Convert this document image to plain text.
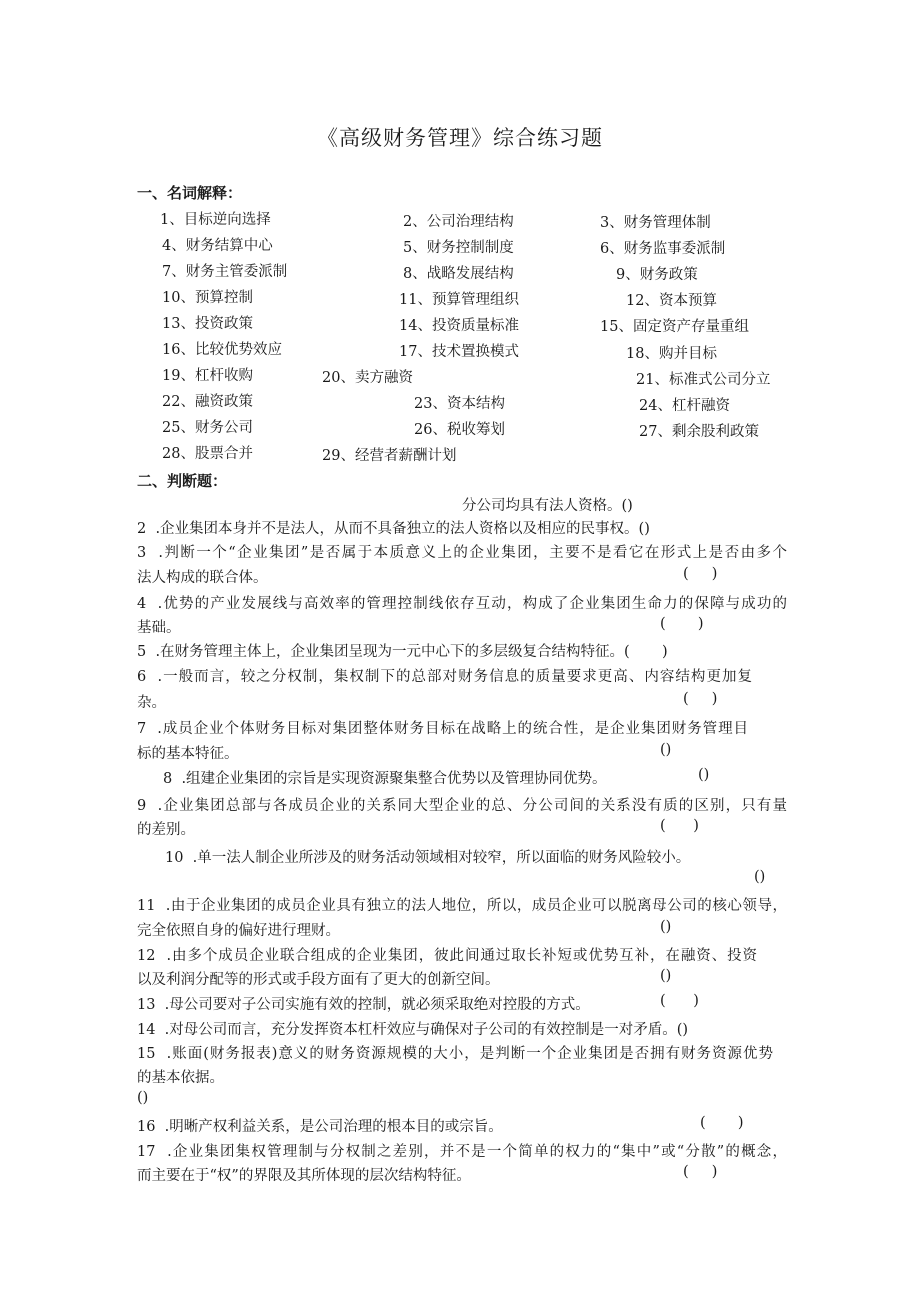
《高级财务管理》综合练习题
一、名词解释：
1、目标逆向选择	2、公司治理结构	3、财务管理体制
4、财务结算中心	5、财务控制制度	6、财务监事委派制
7、财务主管委派制	8、战略发展结构	9、财务政策
10、预算控制	11、预算管理组织	12、资本预算
13、投资政策	14、投资质量标准	15、固定资产存量重组
16、比较优势效应	17、技术置换模式	18、购并目标
19、杠杆收购	20、卖方融资	21、标准式公司分立
22、融资政策	23、资本结构	24、杠杆融资
25、财务公司	26、税收筹划	27、剩余股利政策
28、股票合并	29、经营者薪酬计划
二、判断题：
分公司均具有法人资格。()
2  .企业集团本身并不是法人，从而不具备独立的法人资格以及相应的民事权。()
3  .判断一个“企业集团”是否属于本质意义上的企业集团，主要不是看它在形式上是否由多个
法人构成的联合体。	(     )
4  .优势的产业发展线与高效率的管理控制线依存互动，构成了企业集团生命力的保障与成功的
基础。	(       )
5  .在财务管理主体上，企业集团呈现为一元中心下的多层级复合结构特征。(       )
6  .一般而言，较之分权制，集权制下的总部对财务信息的质量要求更高、内容结构更加复
杂。	(     )
7  .成员企业个体财务目标对集团整体财务目标在战略上的统合性，是企业集团财务管理目
标的基本特征。	()
8  .组建企业集团的宗旨是实现资源聚集整合优势以及管理协同优势。	()
9  .企业集团总部与各成员企业的关系同大型企业的总、分公司间的关系没有质的区别，只有量
的差别。	(      )
10  .单一法人制企业所涉及的财务活动领域相对较窄，所以面临的财务风险较小。
()
11  .由于企业集团的成员企业具有独立的法人地位，所以，成员企业可以脱离母公司的核心领导，
完全依照自身的偏好进行理财。	()
12  .由多个成员企业联合组成的企业集团，彼此间通过取长补短或优势互补，在融资、投资
以及利润分配等的形式或手段方面有了更大的创新空间。	()
13  .母公司要对子公司实施有效的控制，就必须采取绝对控股的方式。	(      )
14  .对母公司而言，充分发挥资本杠杆效应与确保对子公司的有效控制是一对矛盾。()
15  .账面(财务报表)意义的财务资源规模的大小，是判断一个企业集团是否拥有财务资源优势
的基本依据。
()
16  .明晰产权利益关系，是公司治理的根本目的或宗旨。	(       )
17  .企业集团集权管理制与分权制之差别，并不是一个简单的权力的“集中”或“分散”的概念，
而主要在于“权”的界限及其所体现的层次结构特征。	(     )
